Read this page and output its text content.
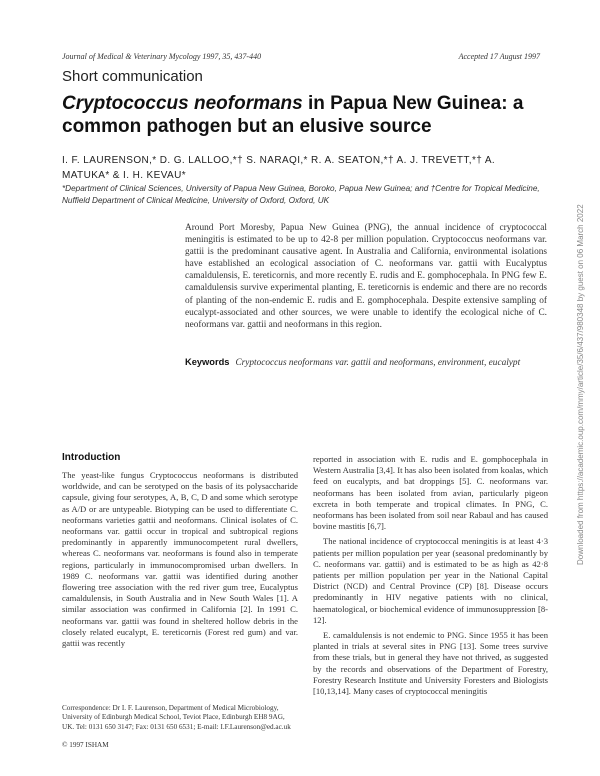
Journal of Medical & Veterinary Mycology 1997, 35, 437-440	Accepted 17 August 1997
Short communication
Cryptococcus neoformans in Papua New Guinea: a common pathogen but an elusive source
I. F. LAURENSON,* D. G. LALLOO,*† S. NARAQI,* R. A. SEATON,*† A. J. TREVETT,*† A. MATUKA* & I. H. KEVAU*
*Department of Clinical Sciences, University of Papua New Guinea, Boroko, Papua New Guinea; and †Centre for Tropical Medicine, Nuffield Department of Clinical Medicine, University of Oxford, Oxford, UK
Around Port Moresby, Papua New Guinea (PNG), the annual incidence of cryptococcal meningitis is estimated to be up to 42-8 per million population. Cryptococcus neoformans var. gattii is the predominant causative agent. In Australia and California, environmental isolations have established an ecological association of C. neoformans var. gattii with Eucalyptus camaldulensis, E. tereticornis, and more recently E. rudis and E. gomphocephala. In PNG few E. camaldulensis survive experimental planting, E. tereticornis is endemic and there are no records of planting of the non-endemic E. rudis and E. gomphocephala. Despite extensive sampling of eucalypt-associated and other sources, we were unable to identify the ecological niche of C. neoformans var. gattii and neoformans in this region.
Keywords Cryptococcus neoformans var. gattii and neoformans, environment, eucalypt
Introduction

The yeast-like fungus Cryptococcus neoformans is distributed worldwide, and can be serotyped on the basis of its polysaccharide capsule, giving four serotypes, A, B, C, D and some which serotype as A/D or are untypeable. Biotyping can be used to differentiate C. neoformans varieties gattii and neoformans. Clinical isolates of C. neoformans var. gattii occur in tropical and subtropical regions predominantly in apparently immunocompetent rural dwellers, whereas C. neoformans var. neoformans is found also in temperate regions, particularly in immunocompromised urban dwellers. In 1989 C. neoformans var. gattii was identified during another flowering tree association with the red river gum tree, Eucalyptus camaldulensis, in South Australia and in New South Wales [1]. A similar association was confirmed in California [2]. In 1991 C. neoformans var. gattii was found in sheltered hollow debris in the closely related eucalypt, E. tereticornis (Forest red gum) and var. gattii was recently

reported in association with E. rudis and E. gomphocephala in Western Australia [3,4]. It has also been isolated from koalas, which feed on eucalypts, and bat droppings [5]. C. neoformans var. neoformans has been isolated from avian, particularly pigeon excreta in both temperate and tropical climates. In PNG, C. neoformans has been isolated from soil near Rabaul and has caused bovine mastitis [6,7].

The national incidence of cryptococcal meningitis is at least 4·3 patients per million population per year (seasonal predominantly by C. neoformans var. gattii) and is estimated to be as high as 42·8 patients per million population per year in the National Capital District (NCD) and Central Province (CP) [8]. Disease occurs predominantly in HIV negative patients with no clinical, haematological, or biochemical evidence of immunosuppression [8-12].

E. camaldulensis is not endemic to PNG. Since 1955 it has been planted in trials at several sites in PNG [13]. Some trees survive from these trials, but in general they have not thrived, as suggested by the records and observations of the Department of Forestry, Forestry Research Institute and University Foresters and Biologists [10,13,14]. Many cases of cryptococcal meningitis

Correspondence: Dr I. F. Laurenson, Department of Medical Microbiology, University of Edinburgh Medical School, Teviot Place, Edinburgh EH8 9AG, UK. Tel: 0131 650 3147; Fax: 0131 650 6531; E-mail: I.F.Laurenson@ed.ac.uk
© 1997 ISHAM
Downloaded from https://academic.oup.com/mmy/article/35/6/437/980348 by guest on 06 March 2022
